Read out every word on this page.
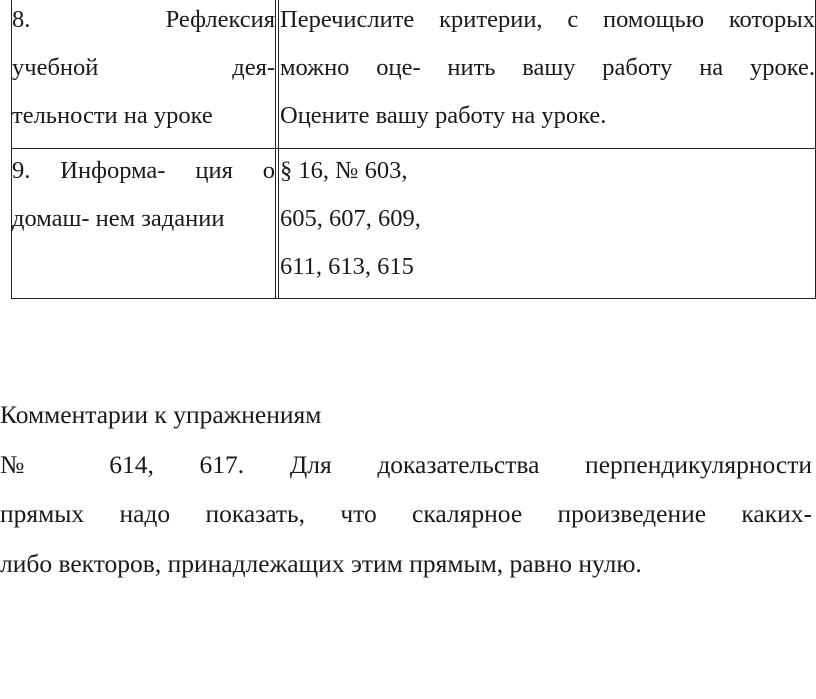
8. Рефлексия
учебной дея-
тельности на уроке
Перечислите критерии, с помощью которых
можно оце- нить вашу работу на уроке.
Оцените вашу работу на уроке.
9. Информа- ция о
домаш- нем задании
§ 16, № 603,
605, 607, 609,
611, 613, 615
Комментарии к упражнениям
№ 614, 617. Для доказательства перпендикулярности
прямых надо показать, что скалярное произведение каких-
либо векторов, принадлежащих этим прямым, равно нулю.
